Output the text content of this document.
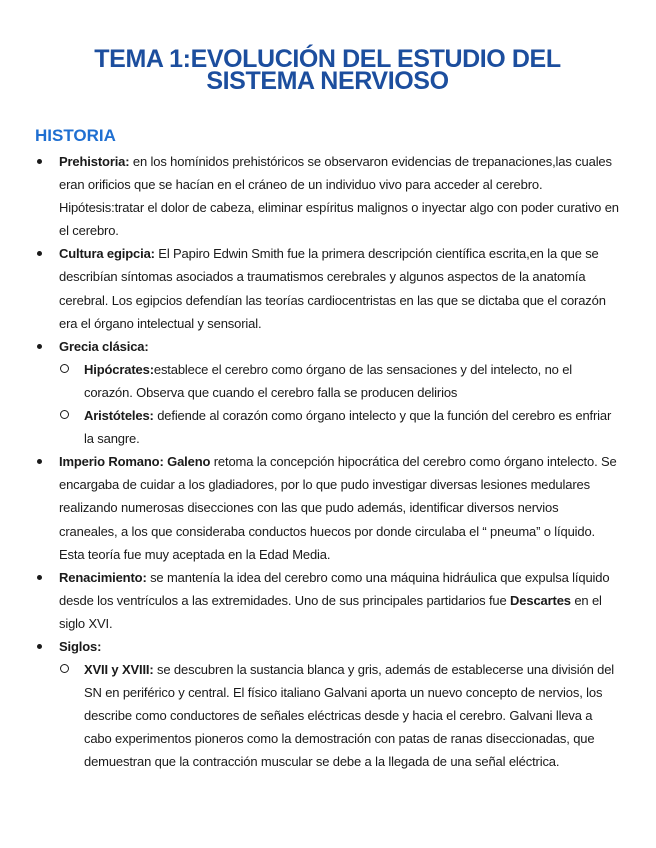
TEMA 1:EVOLUCIÓN DEL ESTUDIO DEL
SISTEMA NERVIOSO
HISTORIA
Prehistoria: en los homínidos prehistóricos se observaron evidencias de trepanaciones,las cuales eran orificios que se hacían en el cráneo de un individuo vivo para acceder al cerebro. Hipótesis:tratar el dolor de cabeza, eliminar espíritus malignos o inyectar algo con poder curativo en el cerebro.
Cultura egipcia: El Papiro Edwin Smith fue la primera descripción científica escrita,en la que se describían síntomas asociados a traumatismos cerebrales y algunos aspectos de la anatomía cerebral. Los egipcios defendían las teorías cardiocentristas en las que se dictaba que el corazón era el órgano intelectual y sensorial.
Grecia clásica:
Hipócrates:establece el cerebro como órgano de las sensaciones y del intelecto, no el corazón. Observa que cuando el cerebro falla se producen delirios
Aristóteles: defiende al corazón como órgano intelecto y que la función del cerebro es enfriar la sangre.
Imperio Romano: Galeno retoma la concepción hipocrática del cerebro como órgano intelecto. Se encargaba de cuidar a los gladiadores, por lo que pudo investigar diversas lesiones medulares realizando numerosas disecciones con las que pudo además, identificar diversos nervios craneales, a los que consideraba conductos huecos por donde circulaba el “ pneuma” o líquido. Esta teoría fue muy aceptada en la Edad Media.
Renacimiento: se mantenía la idea del cerebro como una máquina hidráulica que expulsa líquido desde los ventrículos a las extremidades. Uno de sus principales partidarios fue Descartes en el siglo XVI.
Siglos:
XVII y XVIII: se descubren la sustancia blanca y gris, además de establecerse una división del SN en periférico y central. El físico italiano Galvani aporta un nuevo concepto de nervios, los describe como conductores de señales eléctricas desde y hacia el cerebro. Galvani lleva a cabo experimentos pioneros como la demostración con patas de ranas diseccionadas, que demuestran que la contracción muscular se debe a la llegada de una señal eléctrica.
